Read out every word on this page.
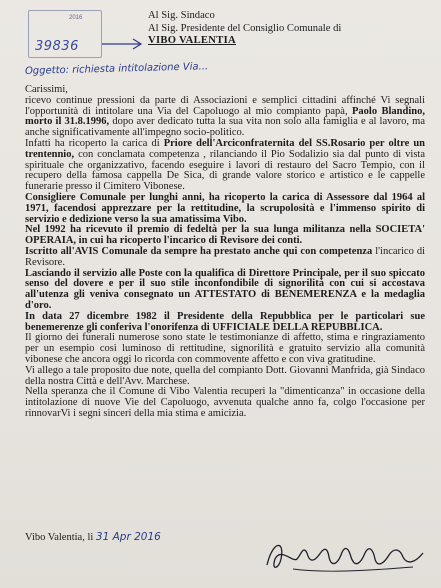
2016
39836
Al Sig. Sindaco
Al Sig. Presidente del Consiglio Comunale di
VIBO VALENTIA
Oggetto: richiesta intitolazione Via...

Carissimi,

ricevo continue pressioni da parte di Associazioni e semplici cittadini affinché Vi segnali l'opportunità di intitolare una Via del Capoluogo al mio compianto papà, Paolo Blandino, morto il 31.8.1996, dopo aver dedicato tutta la sua vita non solo alla famiglia e al lavoro, ma anche significativamente all'impegno socio-politico.

Infatti ha ricoperto la carica di Priore dell'Arciconfraternita del SS.Rosario per oltre un trentennio, con conclamata competenza , rilanciando il Pio Sodalizio sia dal punto di vista spirituale che organizzativo, facendo eseguire i lavori di restauro del Sacro Tempio, con il recupero della famosa cappella De Sica, di grande valore storico e artistico e le cappelle funerarie presso il Cimitero Vibonese.

Consigliere Comunale per lunghi anni, ha ricoperto la carica di Assessore dal 1964 al 1971, facendosi apprezzare per la rettitudine, la scrupolosità e l'immenso spirito di servizio e dedizione verso la sua amatissima Vibo.

Nel 1992 ha ricevuto il premio di fedeltà per la sua lunga militanza nella SOCIETA' OPERAIA, in cui ha ricoperto l'incarico di Revisore dei conti.

Iscritto all'AVIS Comunale da sempre ha prestato anche qui con competenza l'incarico di Revisore.

Lasciando il servizio alle Poste con la qualifica di Direttore Principale, per il suo spiccato senso del dovere e per il suo stile inconfondibile di signorilità con cui si accostava all'utenza gli veniva consegnato un ATTESTATO di BENEMERENZA e la medaglia d'oro.

In data 27 dicembre 1982 il Presidente della Repubblica per le particolari sue benemerenze gli conferiva l'onorifenza di UFFICIALE DELLA REPUBBLICA.

Il giorno dei funerali numerose sono state le testimonianze di affetto, stima e ringraziamento per un esempio così luminoso di rettitudine, signorilità e gratuito servizio alla comunità vibonese che ancora oggi lo ricorda con commovente affetto e con viva gratitudine.

Vi allego a tale proposito due note, quella del compianto Dott. Giovanni Manfrida, già Sindaco della nostra Città e dell'Avv. Marchese.

Nella speranza che il Comune di Vibo Valentia recuperi la "dimenticanza" in occasione della intitolazione di nuove Vie del Capoluogo, avvenuta qualche anno fa, colgo l'occasione per rinnovarVi i segni sinceri della mia stima e amicizia.

Vibo Valentia, li 31 Apr 2016
